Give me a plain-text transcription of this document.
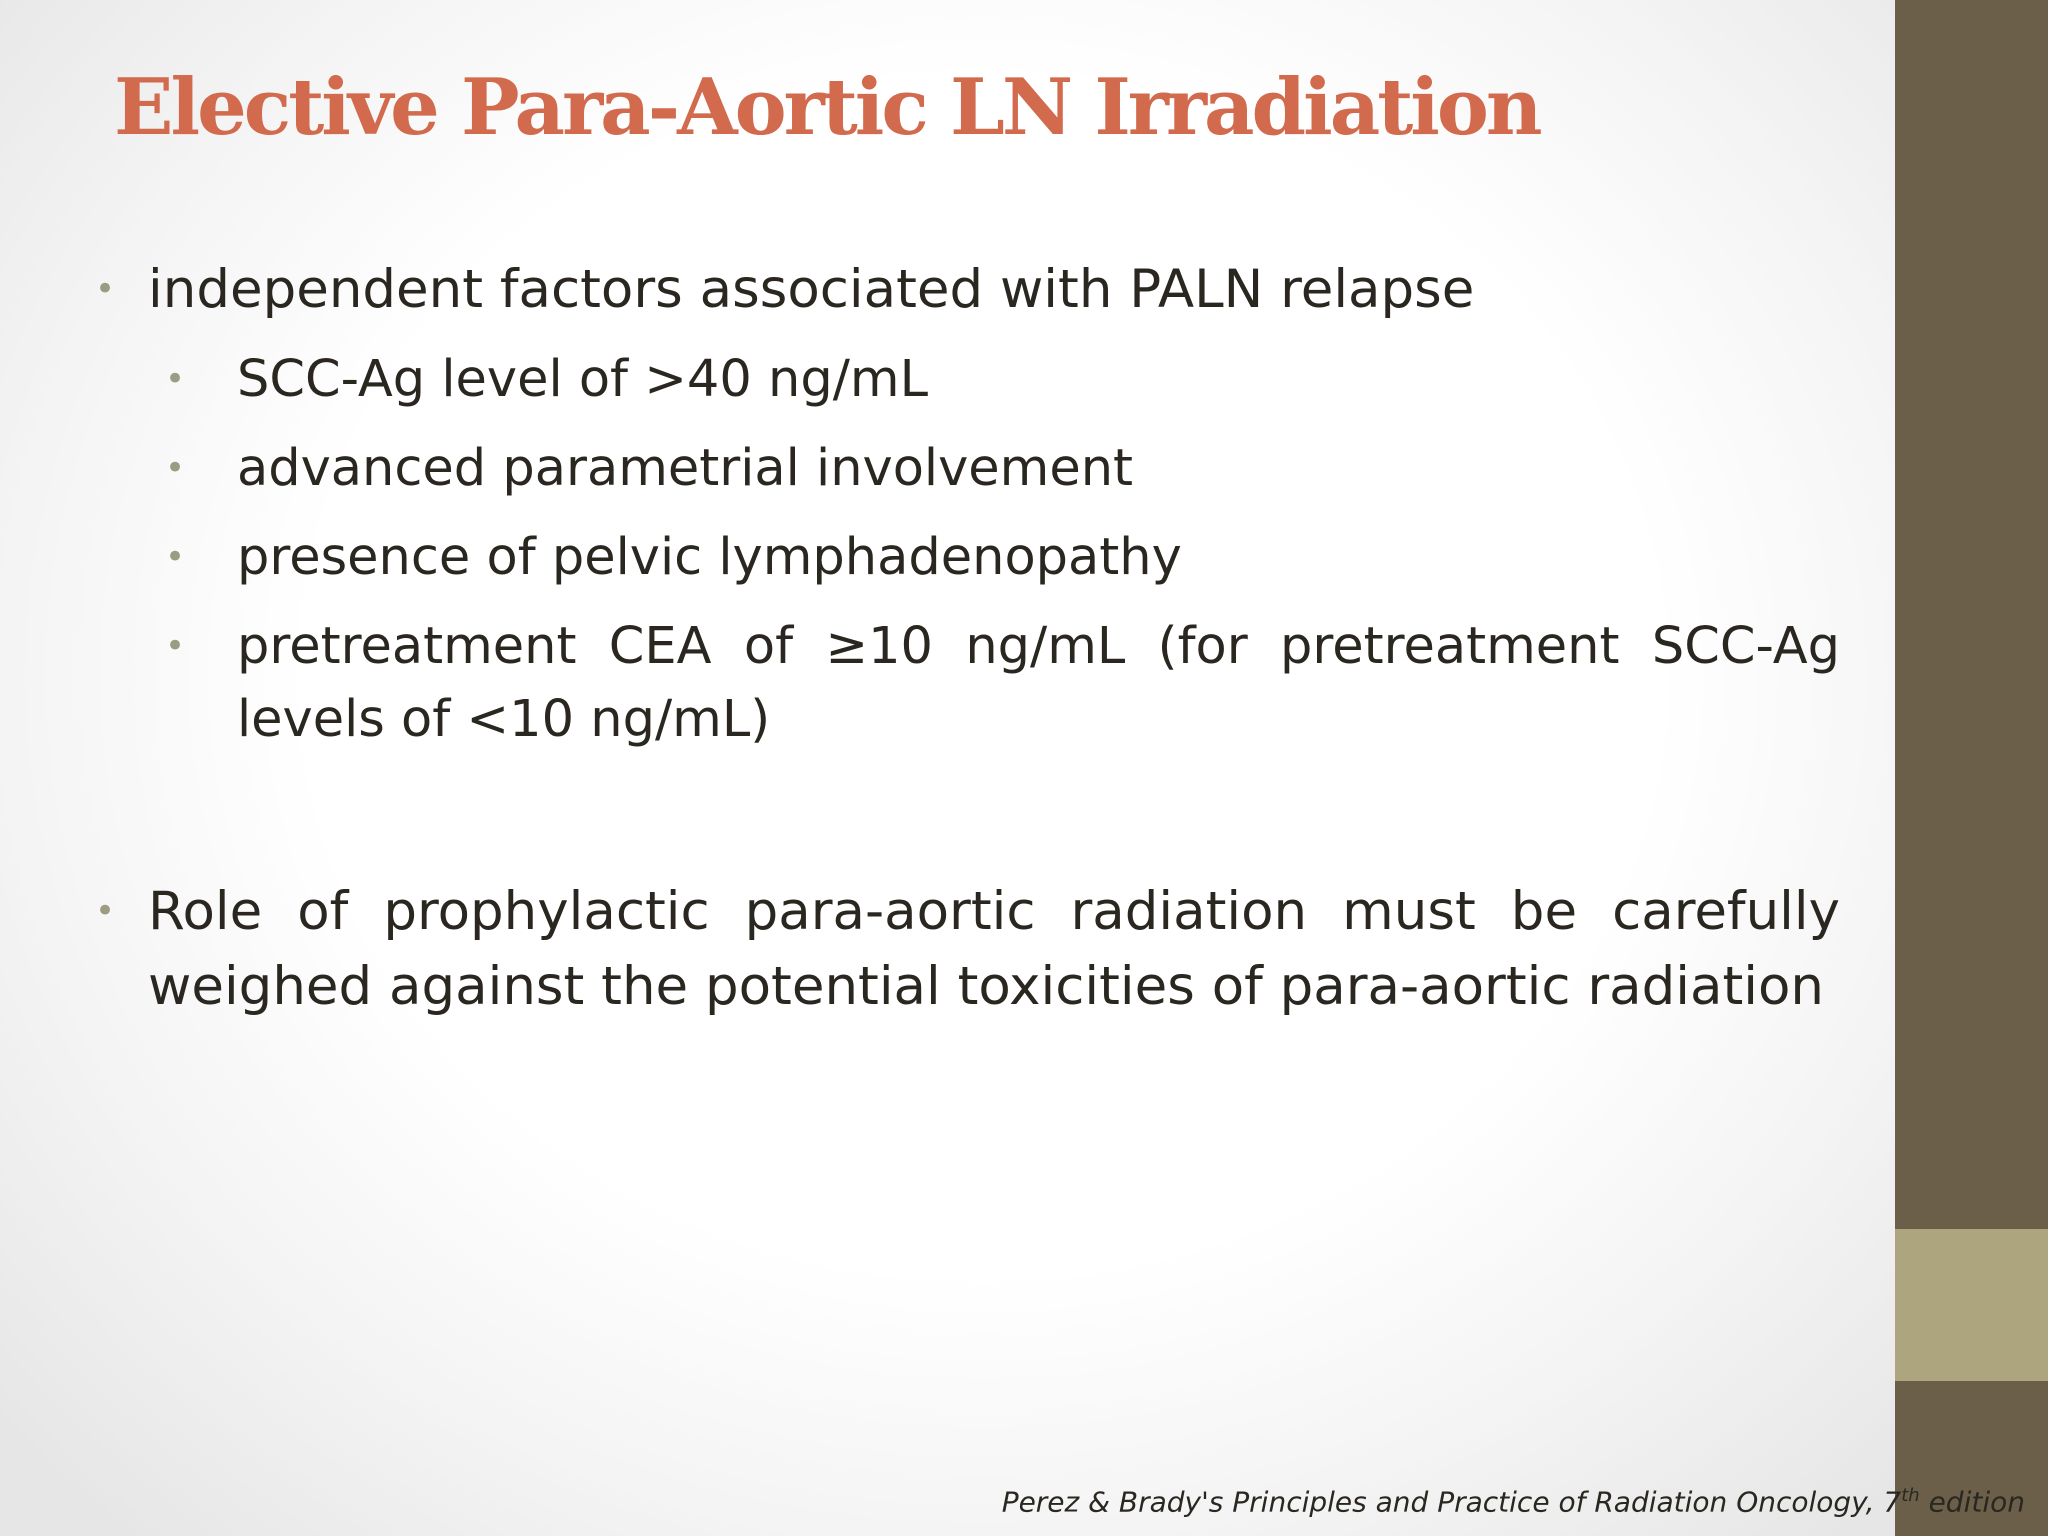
Elective Para-Aortic LN Irradiation
• independent factors associated with PALN relapse
• SCC-Ag level of >40 ng/mL
• advanced parametrial involvement
• presence of pelvic lymphadenopathy
• pretreatment CEA of ≥10 ng/mL (for pretreatment SCC-Ag levels of <10 ng/mL)
• Role of prophylactic para-aortic radiation must be carefully weighed against the potential toxicities of para-aortic radiation

Perez & Brady's Principles and Practice of Radiation Oncology, 7th edition
